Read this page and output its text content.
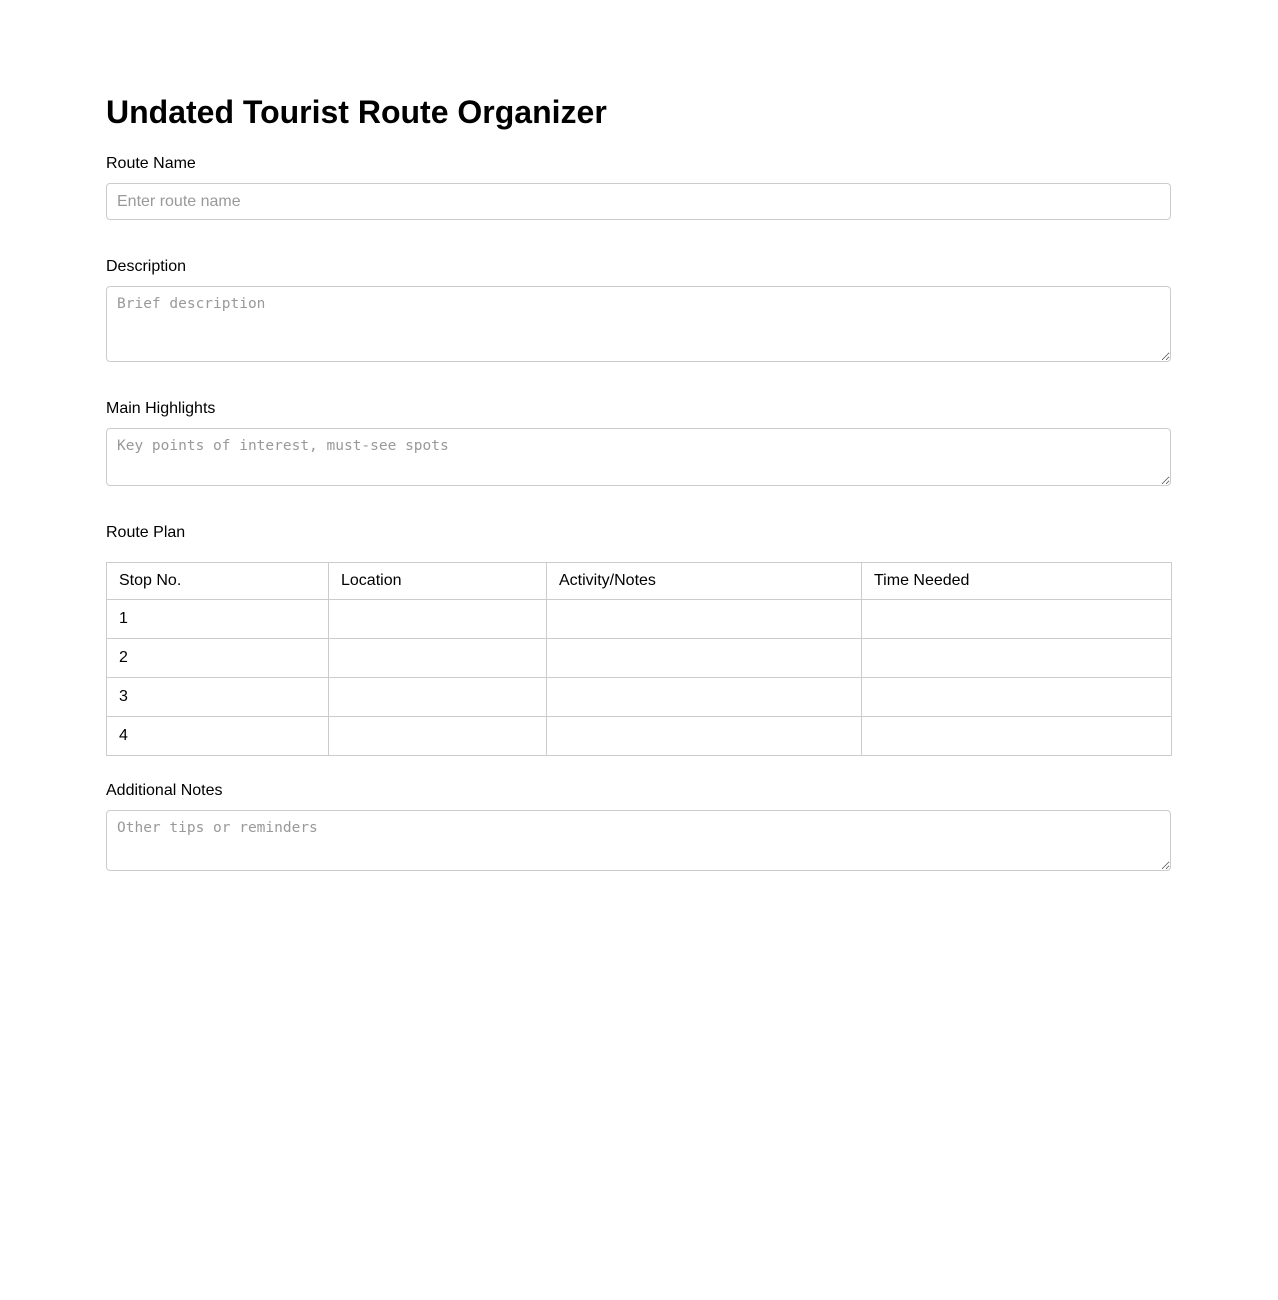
Undated Tourist Route Organizer
Route Name
Enter route name
Description
Brief description
Main Highlights
Key points of interest, must-see spots
Route Plan
Stop No.	Location	Activity/Notes	Time Needed
1			
2			
3			
4			
Additional Notes
Other tips or reminders
